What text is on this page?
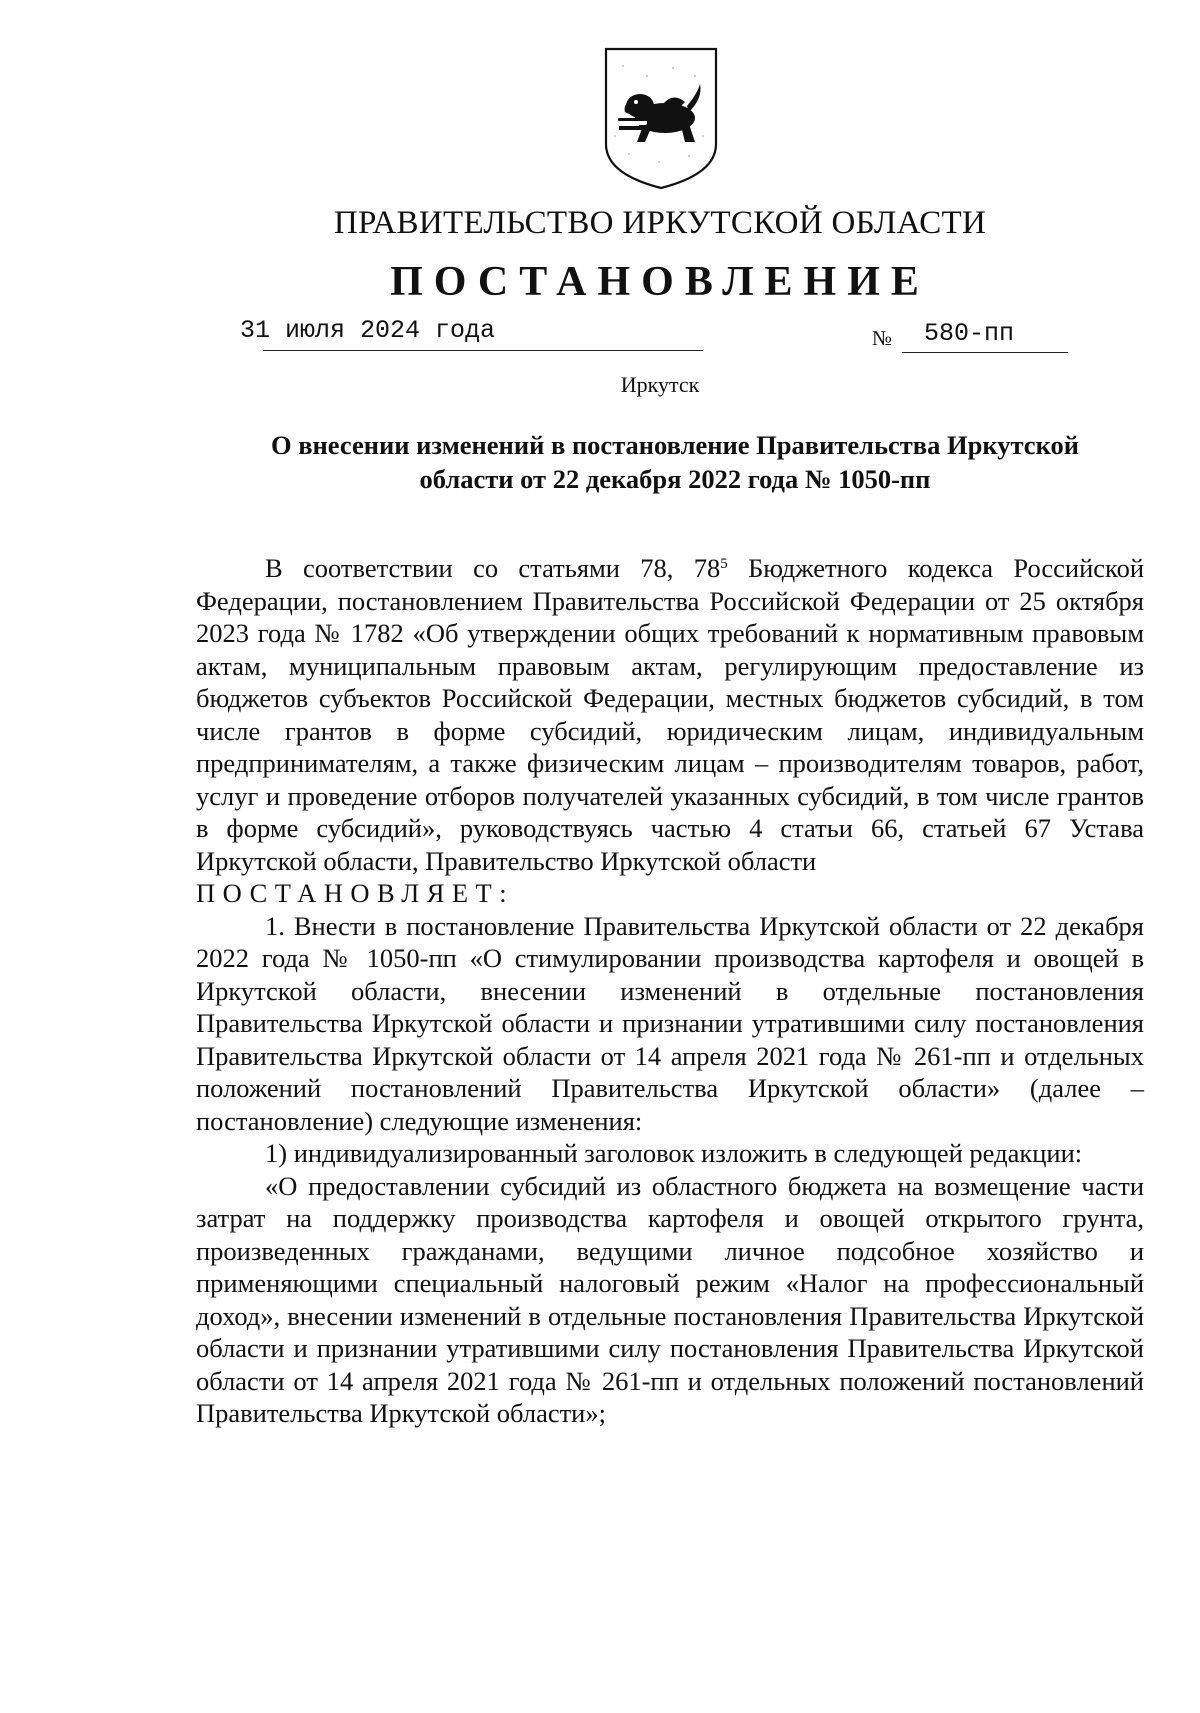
ПРАВИТЕЛЬСТВО ИРКУТСКОЙ ОБЛАСТИ
ПОСТАНОВЛЕНИЕ
31 июля 2024 года	№ 580-пп
Иркутск
О внесении изменений в постановление Правительства Иркутской
области от 22 декабря 2022 года № 1050-пп

В соответствии со статьями 78, $78^5$ Бюджетного кодекса Российской Федерации, постановлением Правительства Российской Федерации от 25 октября 2023 года № 1782 «Об утверждении общих требований к нормативным правовым актам, муниципальным правовым актам, регулирующим предоставление из бюджетов субъектов Российской Федерации, местных бюджетов субсидий, в том числе грантов в форме субсидий, юридическим лицам, индивидуальным предпринимателям, а также физическим лицам – производителям товаров, работ, услуг и проведение отборов получателей указанных субсидий, в том числе грантов в форме субсидий», руководствуясь частью 4 статьи 66, статьей 67 Устава Иркутской области, Правительство Иркутской области

ПОСТАНОВЛЯЕТ:

1. Внести в постановление Правительства Иркутской области от 22 декабря 2022 года № 1050-пп «О стимулировании производства картофеля и овощей в Иркутской области, внесении изменений в отдельные постановления Правительства Иркутской области и признании утратившими силу постановления Правительства Иркутской области от 14 апреля 2021 года № 261-пп и отдельных положений постановлений Правительства Иркутской области» (далее – постановление) следующие изменения:

1) индивидуализированный заголовок изложить в следующей редакции:

«О предоставлении субсидий из областного бюджета на возмещение части затрат на поддержку производства картофеля и овощей открытого грунта, произведенных гражданами, ведущими личное подсобное хозяйство и применяющими специальный налоговый режим «Налог на профессиональный доход», внесении изменений в отдельные постановления Правительства Иркутской области и признании утратившими силу постановления Правительства Иркутской области от 14 апреля 2021 года № 261-пп и отдельных положений постановлений Правительства Иркутской области»;
